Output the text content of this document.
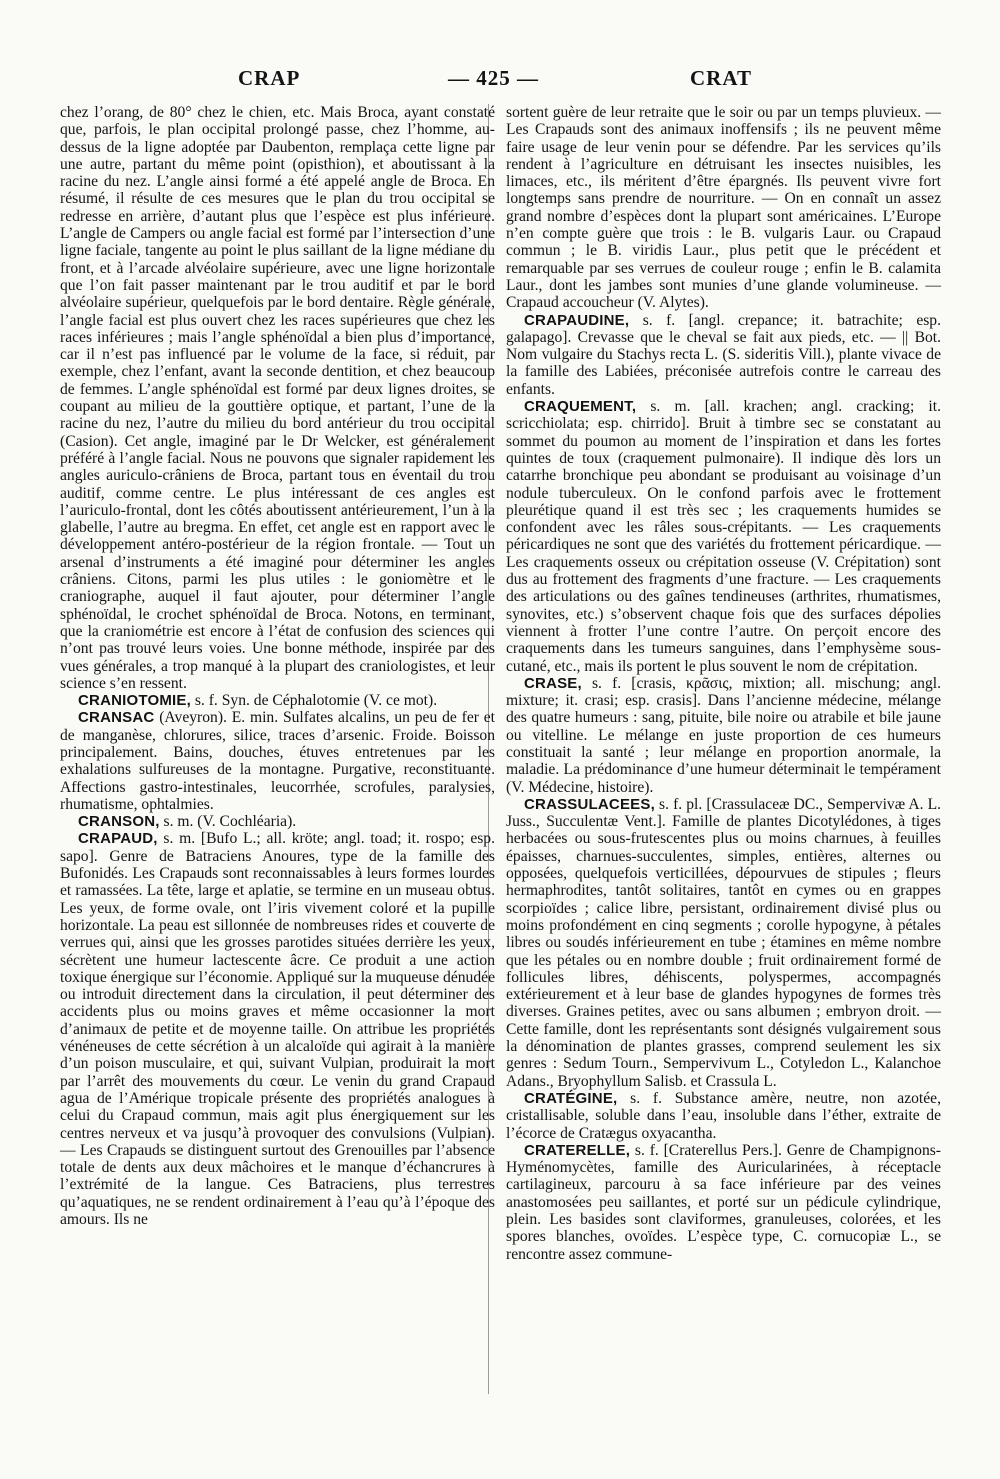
CRAP	— 425 —	CRAT

chez l’orang, de 80° chez le chien, etc. Mais Broca, ayant constaté que, parfois, le plan occipital prolongé passe, chez l’homme, au-dessus de la ligne adoptée par Daubenton, remplaça cette ligne par une autre, partant du même point (opisthion), et aboutissant à la racine du nez. L’angle ainsi formé a été appelé angle de Broca. En résumé, il résulte de ces mesures que le plan du trou occipital se redresse en arrière, d’autant plus que l’espèce est plus inférieure. L’angle de Campers ou angle facial est formé par l’intersection d’une ligne faciale, tangente au point le plus saillant de la ligne médiane du front, et à l’arcade alvéolaire supérieure, avec une ligne horizontale que l’on fait passer maintenant par le trou auditif et par le bord alvéolaire supérieur, quelquefois par le bord dentaire. Règle générale, l’angle facial est plus ouvert chez les races supérieures que chez les races inférieures ; mais l’angle sphénoïdal a bien plus d’importance, car il n’est pas influencé par le volume de la face, si réduit, par exemple, chez l’enfant, avant la seconde dentition, et chez beaucoup de femmes. L’angle sphénoïdal est formé par deux lignes droites, se coupant au milieu de la gouttière optique, et partant, l’une de la racine du nez, l’autre du milieu du bord antérieur du trou occipital (Casion). Cet angle, imaginé par le Dr Welcker, est généralement préféré à l’angle facial. Nous ne pouvons que signaler rapidement les angles auriculo-crâniens de Broca, partant tous en éventail du trou auditif, comme centre. Le plus intéressant de ces angles est l’auriculo-frontal, dont les côtés aboutissent antérieurement, l’un à la glabelle, l’autre au bregma. En effet, cet angle est en rapport avec le développement antéro-postérieur de la région frontale. — Tout un arsenal d’instruments a été imaginé pour déterminer les angles crâniens. Citons, parmi les plus utiles : le goniomètre et le craniographe, auquel il faut ajouter, pour déterminer l’angle sphénoïdal, le crochet sphénoïdal de Broca. Notons, en terminant, que la craniométrie est encore à l’état de confusion des sciences qui n’ont pas trouvé leurs voies. Une bonne méthode, inspirée par des vues générales, a trop manqué à la plupart des craniologistes, et leur science s’en ressent.

CRANIOTOMIE, s. f. Syn. de Céphalotomie (V. ce mot).

CRANSAC (Aveyron). E. min. Sulfates alcalins, un peu de fer et de manganèse, chlorures, silice, traces d’arsenic. Froide. Boisson principalement. Bains, douches, étuves entretenues par les exhalations sulfureuses de la montagne. Purgative, reconstituante. Affections gastro-intestinales, leucorrhée, scrofules, paralysies, rhumatisme, ophtalmies.

CRANSON, s. m. (V. Cochléaria).

CRAPAUD, s. m. [Bufo L.; all. kröte; angl. toad; it. rospo; esp. sapo]. Genre de Batraciens Anoures, type de la famille des Bufonidés. Les Crapauds sont reconnaissables à leurs formes lourdes et ramassées. La tête, large et aplatie, se termine en un museau obtus. Les yeux, de forme ovale, ont l’iris vivement coloré et la pupille horizontale. La peau est sillonnée de nombreuses rides et couverte de verrues qui, ainsi que les grosses parotides situées derrière les yeux, sécrètent une humeur lactescente âcre. Ce produit a une action toxique énergique sur l’économie. Appliqué sur la muqueuse dénudée ou introduit directement dans la circulation, il peut déterminer des accidents plus ou moins graves et même occasionner la mort d’animaux de petite et de moyenne taille. On attribue les propriétés vénéneuses de cette sécrétion à un alcaloïde qui agirait à la manière d’un poison musculaire, et qui, suivant Vulpian, produirait la mort par l’arrêt des mouvements du cœur. Le venin du grand Crapaud agua de l’Amérique tropicale présente des propriétés analogues à celui du Crapaud commun, mais agit plus énergiquement sur les centres nerveux et va jusqu’à provoquer des convulsions (Vulpian). — Les Crapauds se distinguent surtout des Grenouilles par l’absence totale de dents aux deux mâchoires et le manque d’échancrures à l’extrémité de la langue. Ces Batraciens, plus terrestres qu’aquatiques, ne se rendent ordinairement à l’eau qu’à l’époque des amours. Ils ne

sortent guère de leur retraite que le soir ou par un temps pluvieux. — Les Crapauds sont des animaux inoffensifs ; ils ne peuvent même faire usage de leur venin pour se défendre. Par les services qu’ils rendent à l’agriculture en détruisant les insectes nuisibles, les limaces, etc., ils méritent d’être épargnés. Ils peuvent vivre fort longtemps sans prendre de nourriture. — On en connaît un assez grand nombre d’espèces dont la plupart sont américaines. L’Europe n’en compte guère que trois : le B. vulgaris Laur. ou Crapaud commun ; le B. viridis Laur., plus petit que le précédent et remarquable par ses verrues de couleur rouge ; enfin le B. calamita Laur., dont les jambes sont munies d’une glande volumineuse. — Crapaud accoucheur (V. Alytes).

CRAPAUDINE, s. f. [angl. crepance; it. batrachite; esp. galapago]. Crevasse que le cheval se fait aux pieds, etc. — || Bot. Nom vulgaire du Stachys recta L. (S. sideritis Vill.), plante vivace de la famille des Labiées, préconisée autrefois contre le carreau des enfants.

CRAQUEMENT, s. m. [all. krachen; angl. cracking; it. scricchiolata; esp. chirrido]. Bruit à timbre sec se constatant au sommet du poumon au moment de l’inspiration et dans les fortes quintes de toux (craquement pulmonaire). Il indique dès lors un catarrhe bronchique peu abondant se produisant au voisinage d’un nodule tuberculeux. On le confond parfois avec le frottement pleurétique quand il est très sec ; les craquements humides se confondent avec les râles sous-crépitants. — Les craquements péricardiques ne sont que des variétés du frottement péricardique. — Les craquements osseux ou crépitation osseuse (V. Crépitation) sont dus au frottement des fragments d’une fracture. — Les craquements des articulations ou des gaînes tendineuses (arthrites, rhumatismes, synovites, etc.) s’observent chaque fois que des surfaces dépolies viennent à frotter l’une contre l’autre. On perçoit encore des craquements dans les tumeurs sanguines, dans l’emphysème sous-cutané, etc., mais ils portent le plus souvent le nom de crépitation.

CRASE, s. f. [crasis, κρᾶσις, mixtion; all. mischung; angl. mixture; it. crasi; esp. crasis]. Dans l’ancienne médecine, mélange des quatre humeurs : sang, pituite, bile noire ou atrabile et bile jaune ou vitelline. Le mélange en juste proportion de ces humeurs constituait la santé ; leur mélange en proportion anormale, la maladie. La prédominance d’une humeur déterminait le tempérament (V. Médecine, histoire).

CRASSULACEES, s. f. pl. [Crassulaceæ DC., Sempervivæ A. L. Juss., Succulentæ Vent.]. Famille de plantes Dicotylédones, à tiges herbacées ou sous-frutescentes plus ou moins charnues, à feuilles épaisses, charnues-succulentes, simples, entières, alternes ou opposées, quelquefois verticillées, dépourvues de stipules ; fleurs hermaphrodites, tantôt solitaires, tantôt en cymes ou en grappes scorpioïdes ; calice libre, persistant, ordinairement divisé plus ou moins profondément en cinq segments ; corolle hypogyne, à pétales libres ou soudés inférieurement en tube ; étamines en même nombre que les pétales ou en nombre double ; fruit ordinairement formé de follicules libres, déhiscents, polyspermes, accompagnés extérieurement et à leur base de glandes hypogynes de formes très diverses. Graines petites, avec ou sans albumen ; embryon droit. — Cette famille, dont les représentants sont désignés vulgairement sous la dénomination de plantes grasses, comprend seulement les six genres : Sedum Tourn., Sempervivum L., Cotyledon L., Kalanchoe Adans., Bryophyllum Salisb. et Crassula L.

CRATÉGINE, s. f. Substance amère, neutre, non azotée, cristallisable, soluble dans l’eau, insoluble dans l’éther, extraite de l’écorce de Cratægus oxyacantha.

CRATERELLE, s. f. [Craterellus Pers.]. Genre de Champignons-Hyménomycètes, famille des Auricularinées, à réceptacle cartilagineux, parcouru à sa face inférieure par des veines anastomosées peu saillantes, et porté sur un pédicule cylindrique, plein. Les basides sont claviformes, granuleuses, colorées, et les spores blanches, ovoïdes. L’espèce type, C. cornucopiæ L., se rencontre assez commune-
